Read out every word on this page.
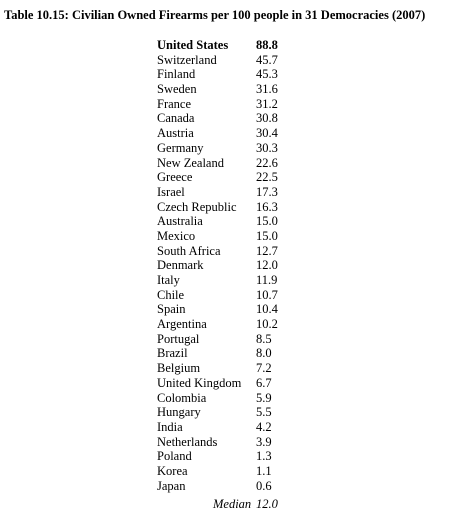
Table 10.15: Civilian Owned Firearms per 100 people in 31 Democracies (2007)
United States 88.8
Switzerland	45.7
Finland	45.3
Sweden	31.6
France	31.2
Canada	30.8
Austria	30.4
Germany	30.3
New Zealand	22.6
Greece	22.5
Israel	17.3
Czech Republic 16.3
Australia	15.0
Mexico	15.0
South Africa	12.7
Denmark	12.0
Italy	11.9
Chile	10.7
Spain	10.4
Argentina	10.2
Portugal	8.5
Brazil	8.0
Belgium	7.2
United Kingdom 6.7
Colombia	5.9
Hungary	5.5
India	4.2
Netherlands	3.9
Poland	1.3
Korea	1.1
Japan	0.6
Median 12.0
